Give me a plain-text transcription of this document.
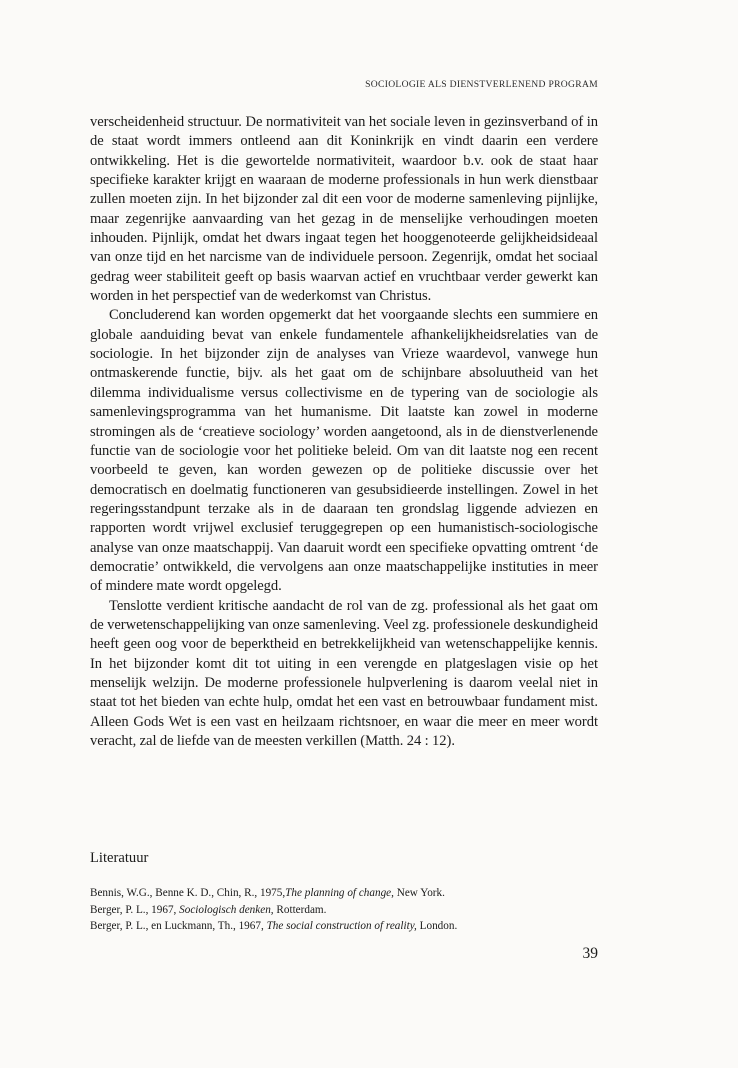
SOCIOLOGIE ALS DIENSTVERLENEND PROGRAM

verscheidenheid structuur. De normativiteit van het sociale leven in gezinsverband of in de staat wordt immers ontleend aan dit Koninkrijk en vindt daarin een verdere ontwikkeling. Het is die gewortelde normativiteit, waardoor b.v. ook de staat haar specifieke karakter krijgt en waaraan de moderne professionals in hun werk dienstbaar zullen moeten zijn. In het bijzonder zal dit een voor de moderne samenleving pijnlijke, maar zegenrijke aanvaarding van het gezag in de menselijke verhoudingen moeten inhouden. Pijnlijk, omdat het dwars ingaat tegen het hooggenoteerde gelijkheidsideaal van onze tijd en het narcisme van de individuele persoon. Zegenrijk, omdat het sociaal gedrag weer stabiliteit geeft op basis waarvan actief en vruchtbaar verder gewerkt kan worden in het perspectief van de wederkomst van Christus.

Concluderend kan worden opgemerkt dat het voorgaande slechts een summiere en globale aanduiding bevat van enkele fundamentele afhankelijkheidsrelaties van de sociologie. In het bijzonder zijn de analyses van Vrieze waardevol, vanwege hun ontmaskerende functie, bijv. als het gaat om de schijnbare absoluutheid van het dilemma individualisme versus collectivisme en de typering van de sociologie als samenlevingsprogramma van het humanisme. Dit laatste kan zowel in moderne stromingen als de ‘creatieve sociology’ worden aangetoond, als in de dienstverlenende functie van de sociologie voor het politieke beleid. Om van dit laatste nog een recent voorbeeld te geven, kan worden gewezen op de politieke discussie over het democratisch en doelmatig functioneren van gesubsidieerde instellingen. Zowel in het regeringsstandpunt terzake als in de daaraan ten grondslag liggende adviezen en rapporten wordt vrijwel exclusief teruggegrepen op een humanistisch-sociologische analyse van onze maatschappij. Van daaruit wordt een specifieke opvatting omtrent ‘de democratie’ ontwikkeld, die vervolgens aan onze maatschappelijke instituties in meer of mindere mate wordt opgelegd.

Tenslotte verdient kritische aandacht de rol van de zg. professional als het gaat om de verwetenschappelijking van onze samenleving. Veel zg. professionele deskundigheid heeft geen oog voor de beperktheid en betrekkelijkheid van wetenschappelijke kennis. In het bijzonder komt dit tot uiting in een verengde en platgeslagen visie op het menselijk welzijn. De moderne professionele hulpverlening is daarom veelal niet in staat tot het bieden van echte hulp, omdat het een vast en betrouwbaar fundament mist. Alleen Gods Wet is een vast en heilzaam richtsnoer, en waar die meer en meer wordt veracht, zal de liefde van de meesten verkillen (Matth. 24 : 12).

Literatuur
Bennis, W.G., Benne K. D., Chin, R., 1975,The planning of change, New York.
Berger, P. L., 1967, Sociologisch denken, Rotterdam.
Berger, P. L., en Luckmann, Th., 1967, The social construction of reality, London.
39
